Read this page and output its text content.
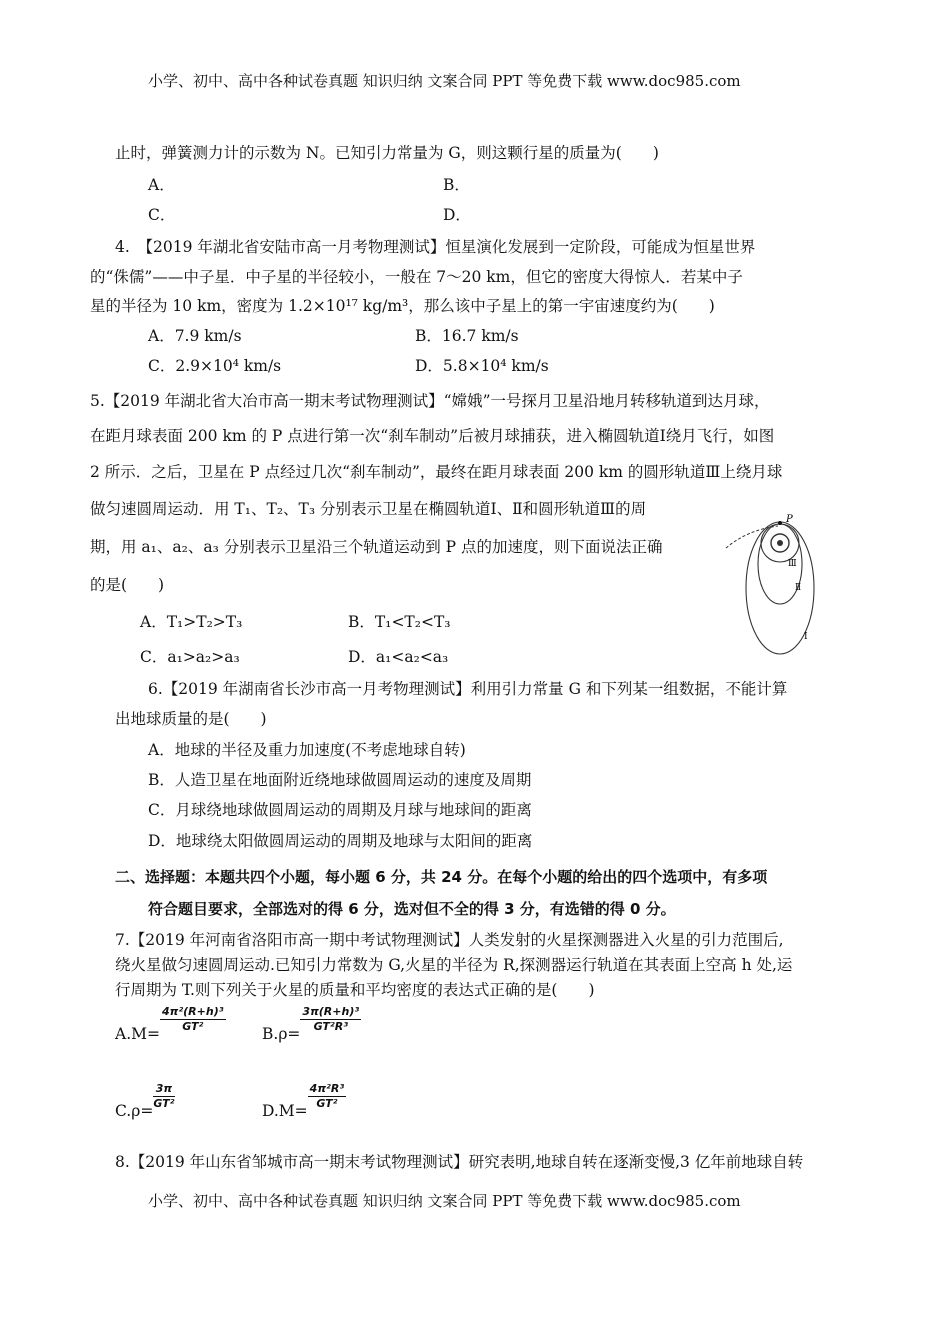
小学、初中、高中各种试卷真题 知识归纳 文案合同 PPT 等免费下载 www.doc985.com
小学、初中、高中各种试卷真题 知识归纳 文案合同 PPT 等免费下载 www.doc985.com
止时，弹簧测力计的示数为 N。已知引力常量为 G，则这颗行星的质量为(　　)
A．	B．
C．	D．
4.　【2019 年湖北省安陆市高一月考物理测试】恒星演化发展到一定阶段，可能成为恒星世界
的“侏儒”——中子星．中子星的半径较小，一般在 7～20 km，但它的密度大得惊人．若某中子
星的半径为 10 km，密度为 1.2×10¹⁷ kg/m³，那么该中子星上的第一宇宙速度约为(　　)
A．7.9 km/s	B．16.7 km/s
C．2.9×10⁴ km/s	D．5.8×10⁴ km/s
5.【2019 年湖北省大冶市高一期末考试物理测试】“嫦娥”一号探月卫星沿地月转移轨道到达月球，
在距月球表面 200 km 的 P 点进行第一次“刹车制动”后被月球捕获，进入椭圆轨道Ⅰ绕月飞行，如图
2 所示．之后，卫星在 P 点经过几次“刹车制动”，最终在距月球表面 200 km 的圆形轨道Ⅲ上绕月球
做匀速圆周运动．用 T₁、T₂、T₃ 分别表示卫星在椭圆轨道Ⅰ、Ⅱ和圆形轨道Ⅲ的周
期，用 a₁、a₂、a₃ 分别表示卫星沿三个轨道运动到 P 点的加速度，则下面说法正确
的是(　　)
A．T₁>T₂>T₃	B．T₁<T₂<T₃
C．a₁>a₂>a₃	D．a₁<a₂<a₃
P
Ⅲ
Ⅱ
Ⅰ
6.【2019 年湖南省长沙市高一月考物理测试】利用引力常量 G 和下列某一组数据，不能计算
出地球质量的是(　　)
A．地球的半径及重力加速度(不考虑地球自转)
B．人造卫星在地面附近绕地球做圆周运动的速度及周期
C．月球绕地球做圆周运动的周期及月球与地球间的距离
D．地球绕太阳做圆周运动的周期及地球与太阳间的距离
二、选择题：本题共四个小题，每小题 6 分，共 24 分。在每个小题的给出的四个选项中，有多项
符合题目要求，全部选对的得 6 分，选对但不全的得 3 分，有选错的得 0 分。
7.【2019 年河南省洛阳市高一期中考试物理测试】人类发射的火星探测器进入火星的引力范围后,
绕火星做匀速圆周运动.已知引力常数为 G,火星的半径为 R,探测器运行轨道在其表面上空高 h 处,运
行周期为 T.则下列关于火星的质量和平均密度的表达式正确的是(　　)
A.M=
$\frac{\text{4π²(R+h)³}}{\text{GT²}}$
B.ρ=
$\frac{\text{3π(R+h)³}}{\text{GT²R³}}$
C.ρ=
$\frac{3\pi}{\text{GT²}}$
D.M=
$\frac{\text{4π²R³}}{\text{GT²}}$
8.【2019 年山东省邹城市高一期末考试物理测试】研究表明,地球自转在逐渐变慢,3 亿年前地球自转
